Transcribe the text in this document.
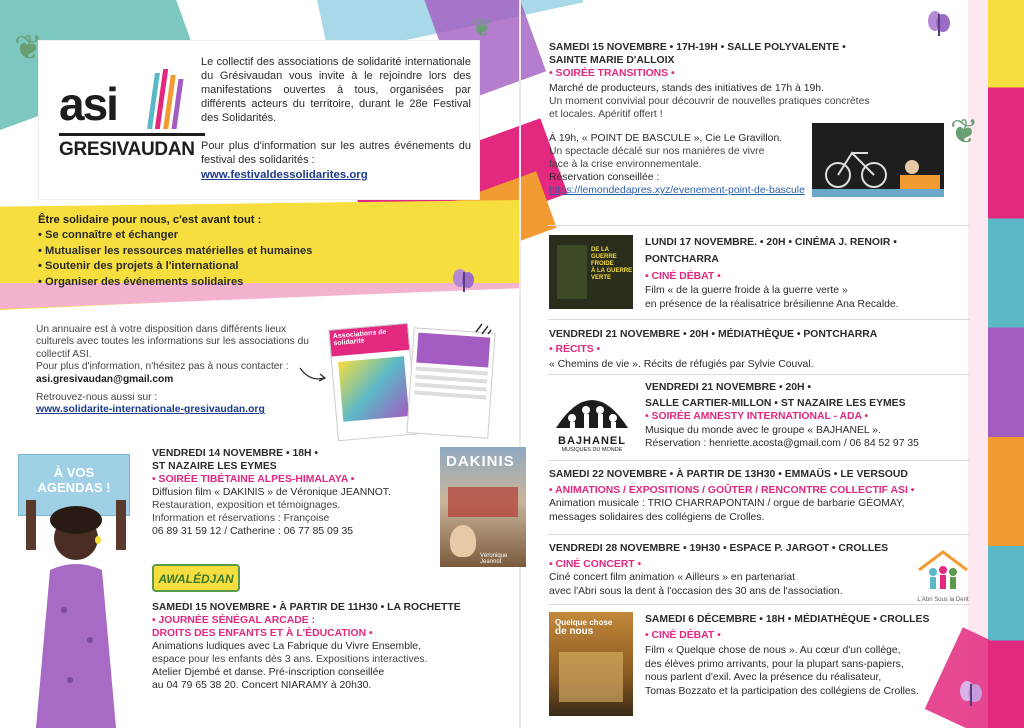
asi
GRESIVAUDAN
Le collectif des associations de solidarité internationale du Grésivaudan vous invite à le rejoindre lors des manifestations ouvertes à tous, organisées par différents acteurs du territoire, durant le 28e Festival des Solidarités.
Pour plus d'information sur les autres événements du festival des solidarités :
www.festivaldessolidarites.org
Être solidaire pour nous, c'est avant tout :
• Se connaître et échanger
• Mutualiser les ressources matérielles et humaines
• Soutenir des projets à l'international
• Organiser des événements solidaires
Un annuaire est à votre disposition dans différents lieux culturels avec toutes les informations sur les associations du collectif ASI.
Pour plus d'information, n'hésitez pas à nous contacter : asi.gresivaudan@gmail.com
Retrouvez-nous aussi sur :
www.solidarite-internationale-gresivaudan.org
Associations de solidarité
À VOS
AGENDAS !
VENDREDI 14 NOVEMBRE • 18H •
ST NAZAIRE LES EYMES
• SOIRÉE TIBÉTAINE ALPES-HIMALAYA •
Diffusion film « DAKINIS » de Véronique JEANNOT.
Restauration, exposition et témoignages.
Information et réservations : Françoise
06 89 31 59 12 / Catherine : 06 77 85 09 35
DAKINIS
Véronique Jeannot
AWALÉDJAN
SAMEDI 15 NOVEMBRE • À PARTIR DE 11H30 • LA ROCHETTE
• JOURNÉE SÉNÉGAL ARCADE :
DROITS DES ENFANTS ET À L'ÉDUCATION •
Animations ludiques avec La Fabrique du Vivre Ensemble,
espace pour les enfants dès 3 ans. Expositions interactives.
Atelier Djembé et danse. Pré-inscription conseillée
au 04 79 65 38 20. Concert NIARAMY à 20h30.
❦	❦
❦
SAMEDI 15 NOVEMBRE • 17H-19H • SALLE POLYVALENTE •
SAINTE MARIE D'ALLOIX
• SOIRÉE TRANSITIONS •
Marché de producteurs, stands des initiatives de 17h à 19h.
Un moment convivial pour découvrir de nouvelles pratiques concrètes
et locales. Apéritif offert !
À 19h, « POINT DE BASCULE », Cie Le Gravillon.
Un spectacle décalé sur nos manières de vivre
face à la crise environnementale.
Réservation conseillée :
https://lemondedapres.xyz/evenement-point-de-bascule
DE LA
GUERRE
FROIDE
À LA GUERRE
VERTE
LUNDI 17 NOVEMBRE. • 20H • CINÉMA J. RENOIR •
PONTCHARRA
• CINÉ DÉBAT •
Film « de la guerre froide à la guerre verte »
en présence de la réalisatrice brésilienne Ana Recalde.
VENDREDI 21 NOVEMBRE • 20H • MÉDIATHÈQUE • PONTCHARRA
• RÉCITS •
« Chemins de vie ». Récits de réfugiés par Sylvie Couval.
BAJHANEL
MUSIQUES DU MONDE
VENDREDI 21 NOVEMBRE • 20H •
SALLE CARTIER-MILLON • ST NAZAIRE LES EYMES
• SOIRÉE AMNESTY INTERNATIONAL - ADA •
Musique du monde avec le groupe « BAJHANEL ».
Réservation : henriette.acosta@gmail.com / 06 84 52 97 35
SAMEDI 22 NOVEMBRE • À PARTIR DE 13H30 • EMMAÜS • LE VERSOUD
• ANIMATIONS / EXPOSITIONS / GOÛTER / RENCONTRE COLLECTIF ASI •
Animation musicale : TRIO CHARRAPONTAIN / orgue de barbarie GÉOMAY,
messages solidaires des collégiens de Crolles.
VENDREDI 28 NOVEMBRE • 19H30 • ESPACE P. JARGOT • CROLLES
• CINÉ CONCERT •
Ciné concert film animation « Ailleurs » en partenariat
avec l'Abri sous la dent à l'occasion des 30 ans de l'association.
L'Abri Sous la Dent
Quelque chose
de nous
SAMEDI 6 DÉCEMBRE • 18H • MÉDIATHÈQUE • CROLLES
• CINÉ DÉBAT •
Film « Quelque chose de nous ». Au cœur d'un collège,
des élèves primo arrivants, pour la plupart sans-papiers,
nous parlent d'exil. Avec la présence du réalisateur,
Tomas Bozzato et la participation des collégiens de Crolles.
